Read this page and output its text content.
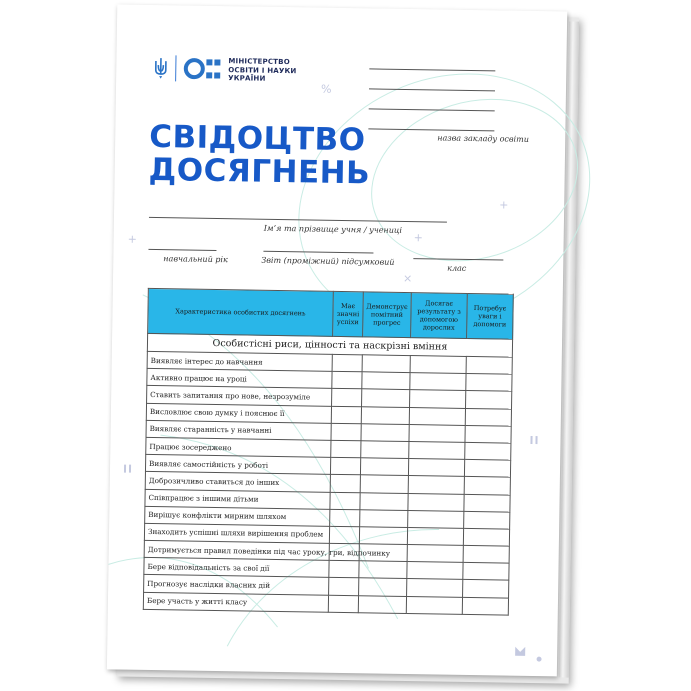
%
+
+
×
+
МІНІСТЕРСТВО
ОСВІТИ І НАУКИ
УКРАЇНИ
назва закладу освіти
СВІДОЦТВО
ДОСЯГНЕНЬ
Ім’я та прізвище учня / учениці
навчальний рік	Звіт (проміжний) підсумковий
клас
Характеристика особистих досягнень	Має значні успіхи	Демонструє помітний прогрес	Досягає результату з допомогою дорослих	Потребує уваги і допомоги
Особистісні риси, цінності та наскрізні вміння				
Виявляє інтерес до навчання				
Активно працює на уроці				
Ставить запитання про нове, незрозуміле				
Висловлює свою думку і пояснює її				
Виявляє старанність у навчанні				
Працює зосереджено				
Виявляє самостійність у роботі				
Доброзичливо ставиться до інших				
Співпрацює з іншими дітьми				
Вирішує конфлікти мирним шляхом				
Знаходить успішні шляхи вирішення проблем				
Дотримується правил поведінки під час уроку, гри, відпочинку				
Бере відповідальність за свої дії				
Прогнозує наслідки власних дій				
Бере участь у житті класу				
